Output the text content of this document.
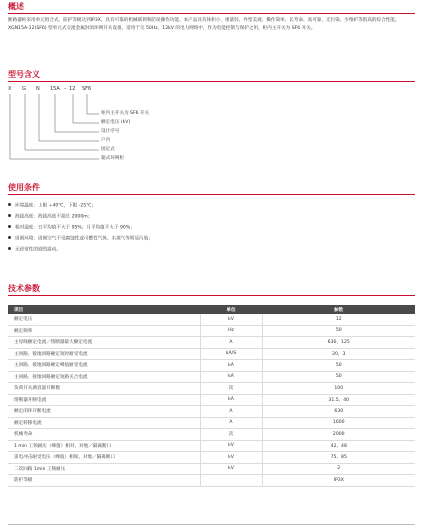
概述

断路器柜采用单元组合式，防护等级达到IP3X，具有可靠的机械联锁和防误操作功能。本产品具有体积小、重量轻、外型美观、操作简单、长寿命、高可靠、无污染、少维护等很高的综合性能。

XGN15A-12(SF6) 型单元式交流金属封闭环网开关设备，适用于交 50Hz、12kV 的电力网络中，作为电能控制与保护之用，柜内主开关为 SF6 开关。

型号含义
X G N 15A – 12 SF6
柜内主开关为 SF6 开关
额定电压 (kV)
设计序号
户内
固定式
箱式环网柜
使用条件
环境温度：上限 +40℃，下限 -25℃；
海拔高度：海拔高度不超过 2000m；
相对湿度：日平均值不大于 95%；月平均值不大于 90%；
周围环境：周围空气不受腐蚀性或可燃性气体、水蒸气等明显污染；
无经常性的剧烈震动。
技术参数
项目	单位	参数
额定电压	kV	12
额定频率	Hz	50
主母线额定电流／熔断器最大额定电流	A	630、125
主回路、接地回路额定短时耐受电流	kA/S	20，3
主回路、接地回路额定峰值耐受电流	kA	50
主回路、接地回路额定短路关合电流	kA	50
负荷开关满容量开断数	次	100
熔断器开断电流	kA	31.5、40
额定闭环开断电流	A	630
额定转移电流	A	1600
机械寿命	次	2000
1 min 工频耐压（峰值）相对、对地／隔离断口	kV	42、48
雷电冲击耐受电压（峰值）相间、对地／隔离断口	kV	75、85
二次回路 1min 工频耐压	kV	2
防护等级		IP3X
